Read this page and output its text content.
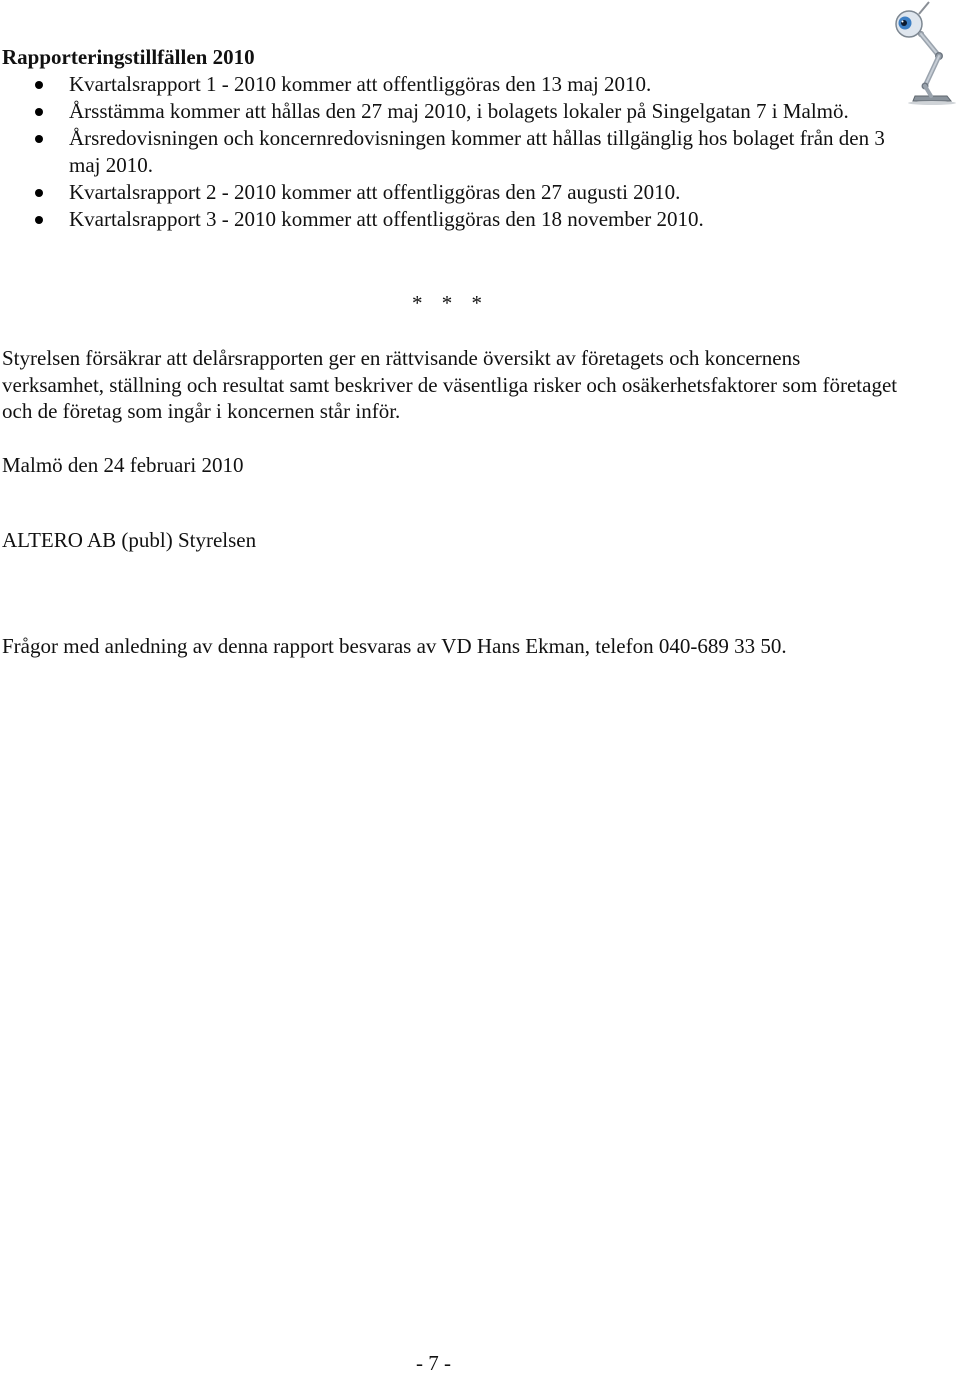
Rapporteringstillfällen 2010

Kvartalsrapport 1 - 2010 kommer att offentliggöras den 13 maj 2010.
Årsstämma kommer att hållas den 27 maj 2010, i bolagets lokaler på Singelgatan 7 i Malmö.
Årsredovisningen och koncernredovisningen kommer att hållas tillgänglig hos bolaget från den 3 maj 2010.
Kvartalsrapport 2 - 2010 kommer att offentliggöras den 27 augusti 2010.
Kvartalsrapport 3 - 2010 kommer att offentliggöras den 18 november 2010.
* * *

Styrelsen försäkrar att delårsrapporten ger en rättvisande översikt av företagets och koncernens verksamhet, ställning och resultat samt beskriver de väsentliga risker och osäkerhetsfaktorer som företaget och de företag som ingår i koncernen står inför.

Malmö den 24 februari 2010

ALTERO AB (publ) Styrelsen

Frågor med anledning av denna rapport besvaras av VD Hans Ekman, telefon 040-689 33 50.

- 7 -
